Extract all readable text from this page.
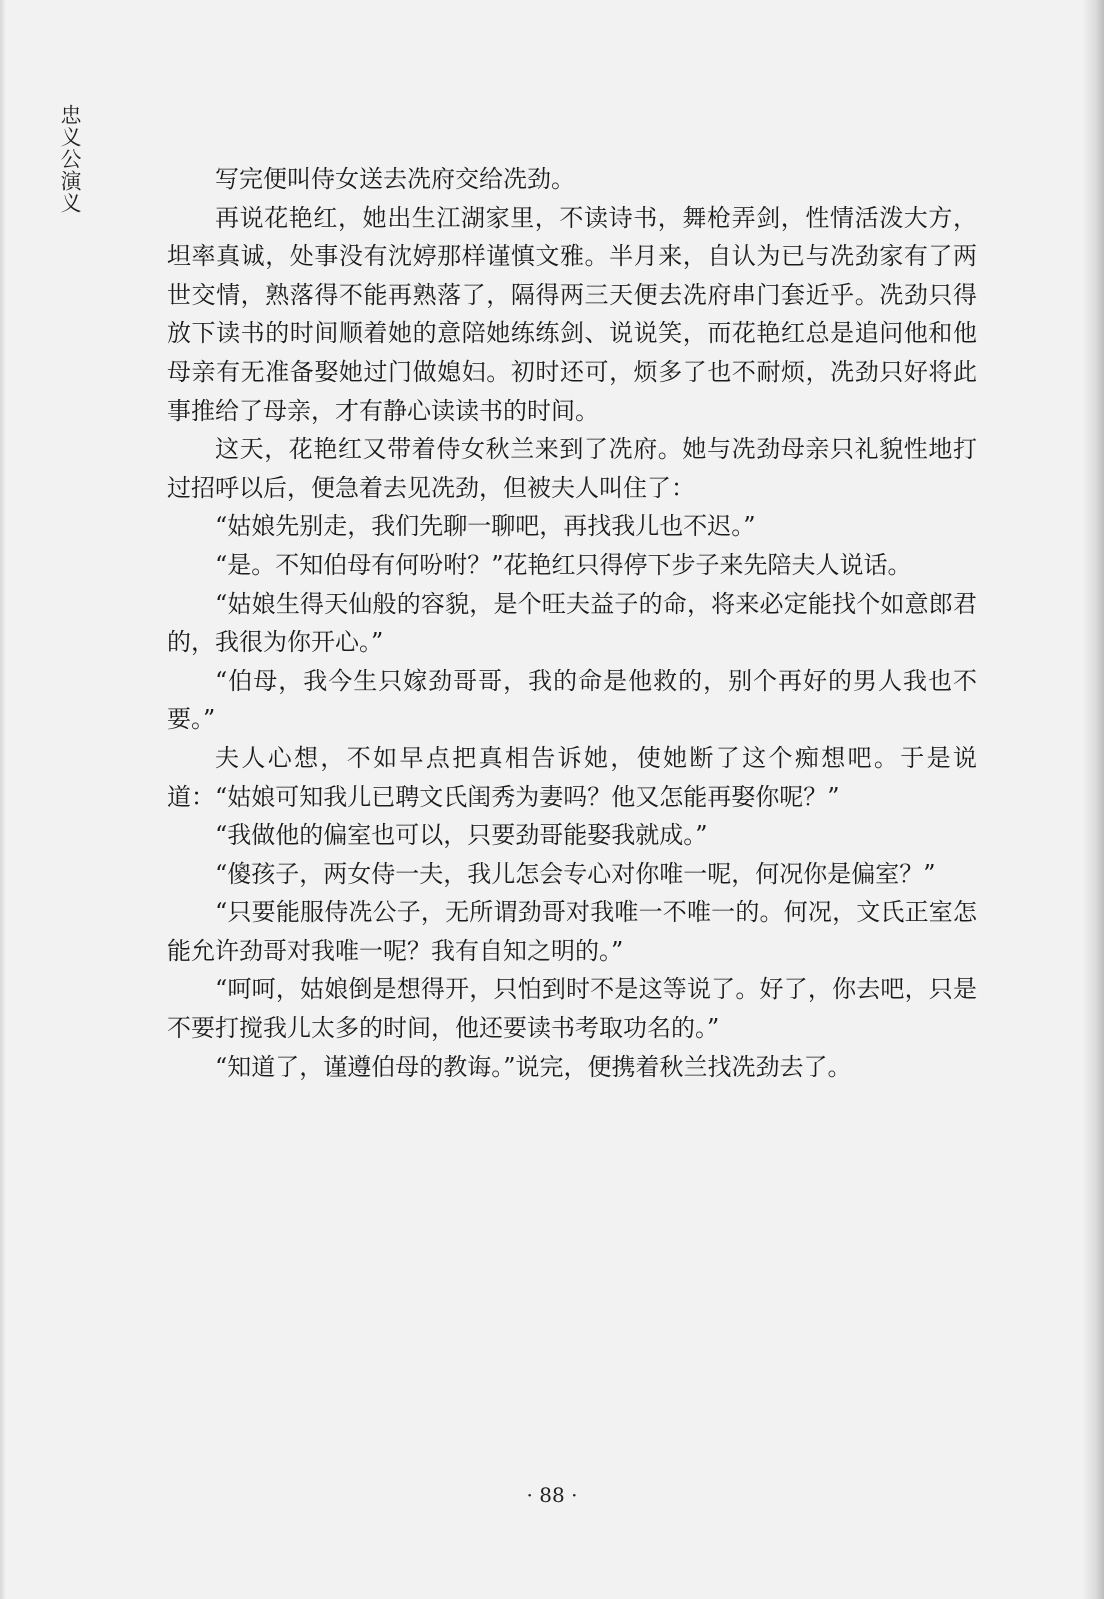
忠义公演义	写完便叫侍女送去冼府交给冼劲。

再说花艳红，她出生江湖家里，不读诗书，舞枪弄剑，性情活泼大方，坦率真诚，处事没有沈婷那样谨慎文雅。半月来，自认为已与冼劲家有了两世交情，熟落得不能再熟落了，隔得两三天便去冼府串门套近乎。冼劲只得放下读书的时间顺着她的意陪她练练剑、说说笑，而花艳红总是追问他和他母亲有无准备娶她过门做媳妇。初时还可，烦多了也不耐烦，冼劲只好将此事推给了母亲，才有静心读读书的时间。

这天，花艳红又带着侍女秋兰来到了冼府。她与冼劲母亲只礼貌性地打过招呼以后，便急着去见冼劲，但被夫人叫住了：

“姑娘先别走，我们先聊一聊吧，再找我儿也不迟。”

“是。不知伯母有何吩咐？”花艳红只得停下步子来先陪夫人说话。

“姑娘生得天仙般的容貌，是个旺夫益子的命，将来必定能找个如意郎君的，我很为你开心。”

“伯母，我今生只嫁劲哥哥，我的命是他救的，别个再好的男人我也不要。”

夫人心想，不如早点把真相告诉她，使她断了这个痴想吧。于是说道：“姑娘可知我儿已聘文氏闺秀为妻吗？他又怎能再娶你呢？”

“我做他的偏室也可以，只要劲哥能娶我就成。”

“傻孩子，两女侍一夫，我儿怎会专心对你唯一呢，何况你是偏室？”

“只要能服侍冼公子，无所谓劲哥对我唯一不唯一的。何况，文氏正室怎能允许劲哥对我唯一呢？我有自知之明的。”

“呵呵，姑娘倒是想得开，只怕到时不是这等说了。好了，你去吧，只是不要打搅我儿太多的时间，他还要读书考取功名的。”

“知道了，谨遵伯母的教诲。”说完，便携着秋兰找冼劲去了。

· 88 ·
